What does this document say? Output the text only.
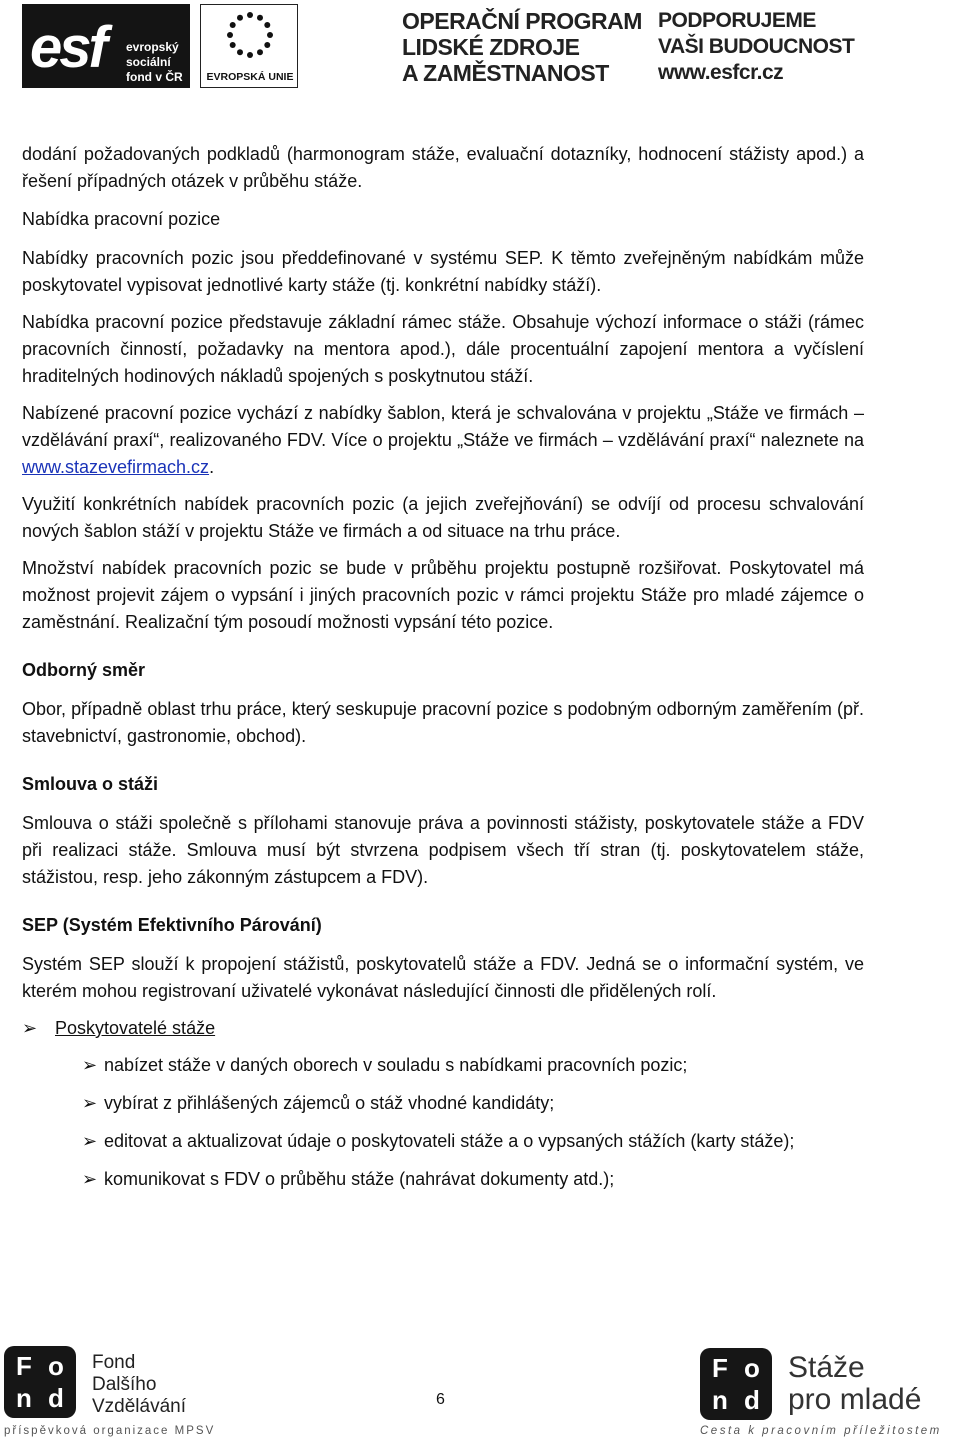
esf evropský
sociální
fond v ČR	EVROPSKÁ UNIE
OPERAČNÍ PROGRAM
LIDSKÉ ZDROJE
A ZAMĚSTNANOST
PODPORUJEME
VAŠI BUDOUCNOST
www.esfcr.cz

dodání požadovaných podkladů (harmonogram stáže, evaluační dotazníky, hodnocení stážisty apod.) a řešení případných otázek v průběhu stáže.

Nabídka pracovní pozice

Nabídky pracovních pozic jsou předdefinované v systému SEP. K těmto zveřejněným nabídkám může poskytovatel vypisovat jednotlivé karty stáže (tj. konkrétní nabídky stáží).

Nabídka pracovní pozice představuje základní rámec stáže. Obsahuje výchozí informace o stáži (rámec pracovních činností, požadavky na mentora apod.), dále procentuální zapojení mentora a vyčíslení hraditelných hodinových nákladů spojených s poskytnutou stáží.

Nabízené pracovní pozice vychází z nabídky šablon, která je schvalována v projektu „Stáže ve firmách – vzdělávání praxí“, realizovaného FDV. Více o projektu „Stáže ve firmách – vzdělávání praxí“ naleznete na www.stazevefirmach.cz.

Využití konkrétních nabídek pracovních pozic (a jejich zveřejňování) se odvíjí od procesu schvalování nových šablon stáží v projektu Stáže ve firmách a od situace na trhu práce.

Množství nabídek pracovních pozic se bude v průběhu projektu postupně rozšiřovat. Poskytovatel má možnost projevit zájem o vypsání i jiných pracovních pozic v rámci projektu Stáže pro mladé zájemce o zaměstnání. Realizační tým posoudí možnosti vypsání této pozice.

Odborný směr

Obor, případně oblast trhu práce, který seskupuje pracovní pozice s podobným odborným zaměřením (př. stavebnictví, gastronomie, obchod).

Smlouva o stáži

Smlouva o stáži společně s přílohami stanovuje práva a povinnosti stážisty, poskytovatele stáže a FDV při realizaci stáže. Smlouva musí být stvrzena podpisem všech tří stran (tj. poskytovatelem stáže, stážistou, resp. jeho zákonným zástupcem a FDV).

SEP (Systém Efektivního Párování)

Systém SEP slouží k propojení stážistů, poskytovatelů stáže a FDV. Jedná se o informační systém, ve kterém mohou registrovaní uživatelé vykonávat následující činnosti dle přidělených rolí.

➢ Poskytovatelé stáže
➢ nabízet stáže v daných oborech v souladu s nabídkami pracovních pozic;
➢ vybírat z přihlášených zájemců o stáž vhodné kandidáty;
➢ editovat a aktualizovat údaje o poskytovateli stáže a o vypsaných stážích (karty stáže);
➢ komunikovat s FDV o průběhu stáže (nahrávat dokumenty atd.);
F o
n d
Fond
Dalšího
Vzdělávání
příspěvková organizace MPSV
6
F o
n d
Stáže
pro mladé
Cesta k pracovním příležitostem
